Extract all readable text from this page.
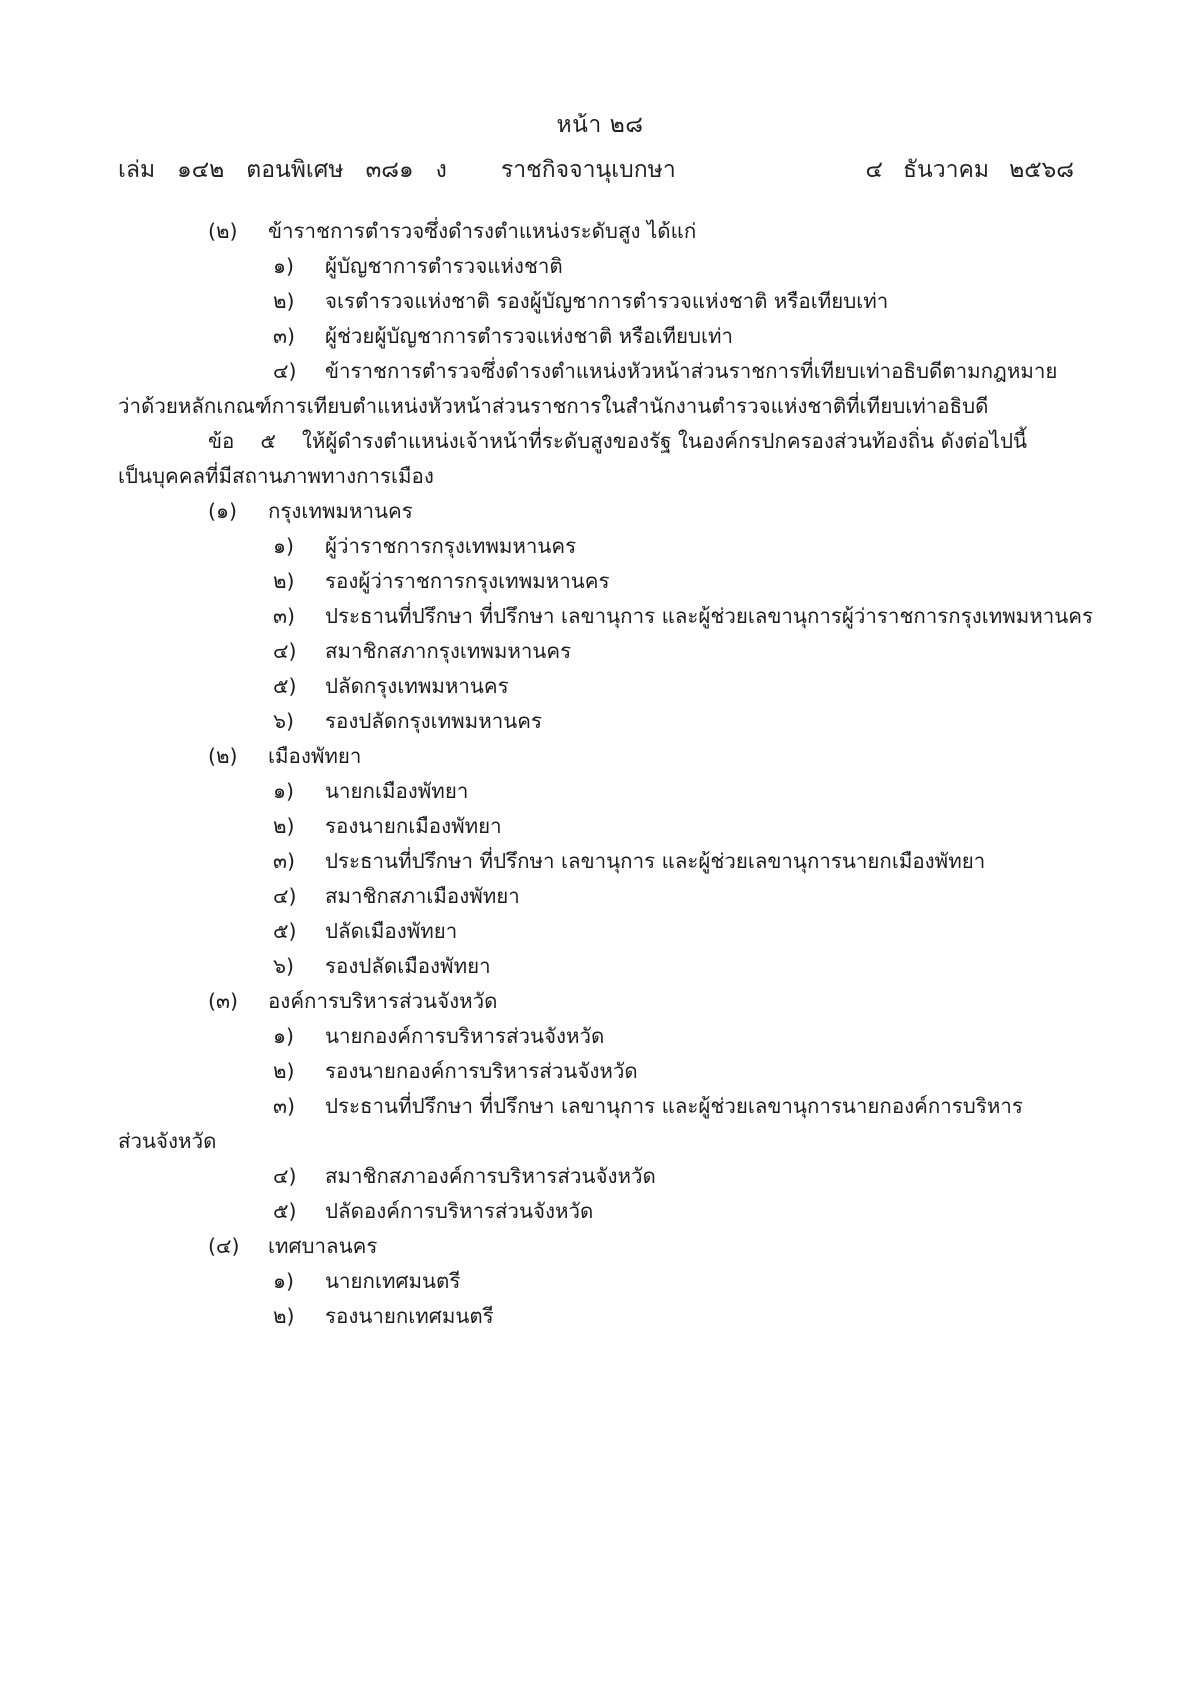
หน้า ๒๘
เล่ม ๑๔๒ ตอนพิเศษ ๓๘๑ ง ราชกิจจานุเบกษา	๔ ธันวาคม ๒๕๖๘
(๒) ข้าราชการตำรวจซึ่งดำรงตำแหน่งระดับสูง ได้แก่
๑) ผู้บัญชาการตำรวจแห่งชาติ
๒) จเรตำรวจแห่งชาติ รองผู้บัญชาการตำรวจแห่งชาติ หรือเทียบเท่า
๓) ผู้ช่วยผู้บัญชาการตำรวจแห่งชาติ หรือเทียบเท่า
๔) ข้าราชการตำรวจซึ่งดำรงตำแหน่งหัวหน้าส่วนราชการที่เทียบเท่าอธิบดีตามกฎหมาย
ว่าด้วยหลักเกณฑ์การเทียบตำแหน่งหัวหน้าส่วนราชการในสำนักงานตำรวจแห่งชาติที่เทียบเท่าอธิบดี
ข้อ ๕ ให้ผู้ดำรงตำแหน่งเจ้าหน้าที่ระดับสูงของรัฐ ในองค์กรปกครองส่วนท้องถิ่น ดังต่อไปนี้
เป็นบุคคลที่มีสถานภาพทางการเมือง
(๑) กรุงเทพมหานคร
๑) ผู้ว่าราชการกรุงเทพมหานคร
๒) รองผู้ว่าราชการกรุงเทพมหานคร
๓) ประธานที่ปรึกษา ที่ปรึกษา เลขานุการ และผู้ช่วยเลขานุการผู้ว่าราชการกรุงเทพมหานคร
๔) สมาชิกสภากรุงเทพมหานคร
๕) ปลัดกรุงเทพมหานคร
๖) รองปลัดกรุงเทพมหานคร
(๒) เมืองพัทยา
๑) นายกเมืองพัทยา
๒) รองนายกเมืองพัทยา
๓) ประธานที่ปรึกษา ที่ปรึกษา เลขานุการ และผู้ช่วยเลขานุการนายกเมืองพัทยา
๔) สมาชิกสภาเมืองพัทยา
๕) ปลัดเมืองพัทยา
๖) รองปลัดเมืองพัทยา
(๓) องค์การบริหารส่วนจังหวัด
๑) นายกองค์การบริหารส่วนจังหวัด
๒) รองนายกองค์การบริหารส่วนจังหวัด
๓) ประธานที่ปรึกษา ที่ปรึกษา เลขานุการ และผู้ช่วยเลขานุการนายกองค์การบริหาร
ส่วนจังหวัด
๔) สมาชิกสภาองค์การบริหารส่วนจังหวัด
๕) ปลัดองค์การบริหารส่วนจังหวัด
(๔) เทศบาลนคร
๑) นายกเทศมนตรี
๒) รองนายกเทศมนตรี
